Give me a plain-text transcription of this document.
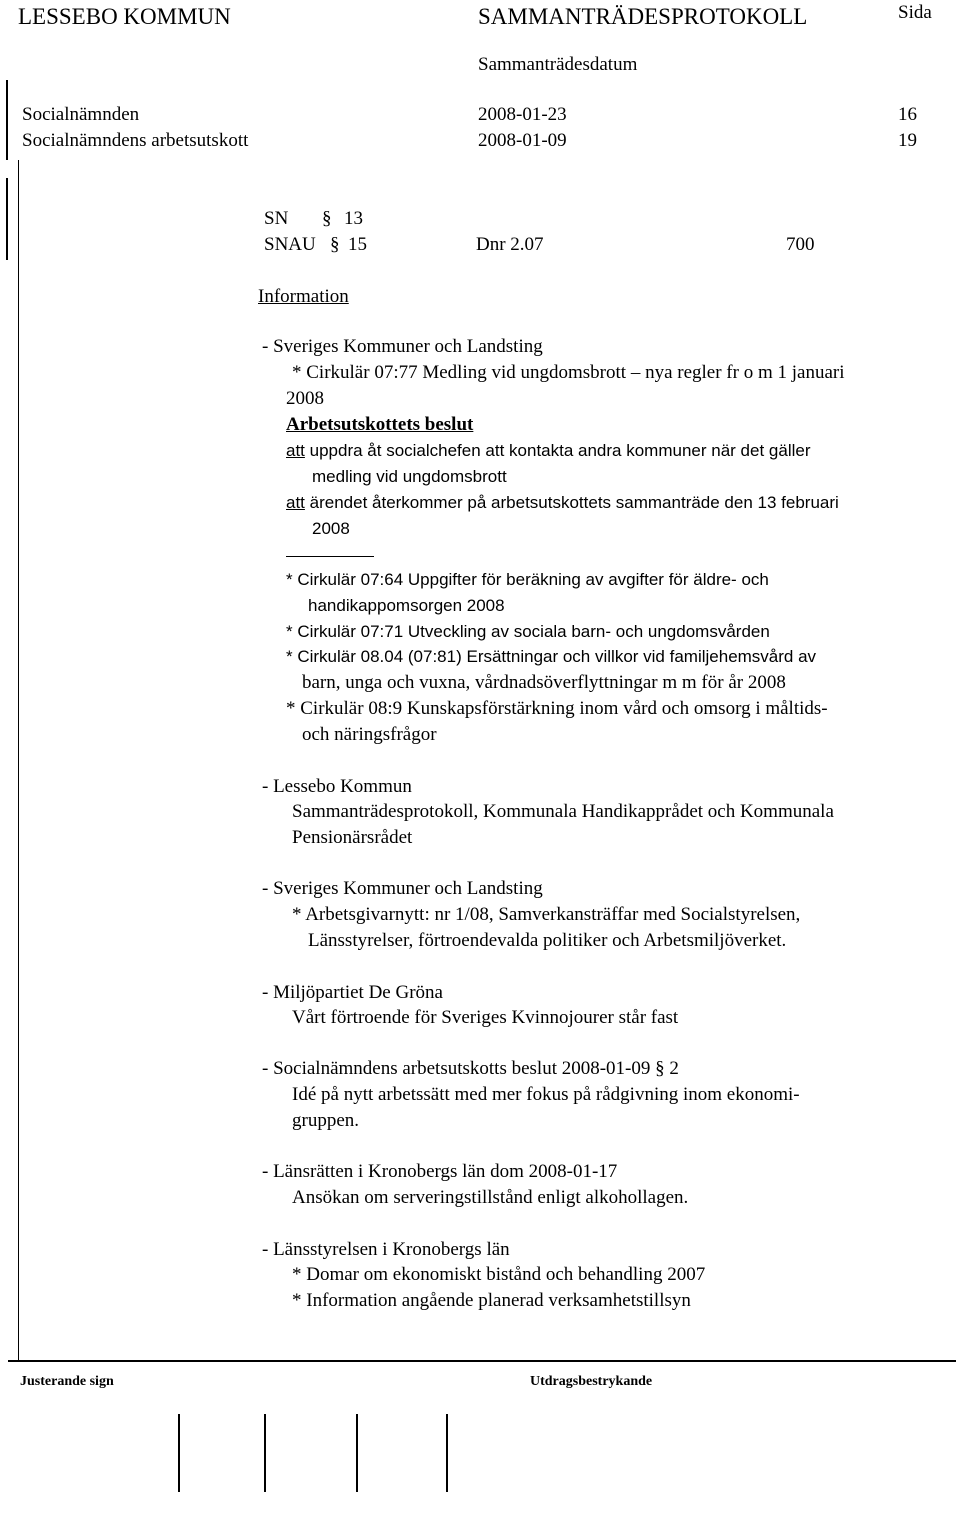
LESSEBO KOMMUN	SAMMANTRÄDESPROTOKOLL	Sida
Sammanträdesdatum
Socialnämnden	2008-01-23	16
Socialnämndens arbetsutskott	2008-01-09	19
SN § 13
SNAU § 15	Dnr 2.07	700
Information
- Sveriges Kommuner och Landsting
* Cirkulär 07:77 Medling vid ungdomsbrott – nya regler fr o m 1 januari
2008
Arbetsutskottets beslut
att uppdra åt socialchefen att kontakta andra kommuner när det gäller
medling vid ungdomsbrott
att ärendet återkommer på arbetsutskottets sammanträde den 13 februari
2008
* Cirkulär 07:64 Uppgifter för beräkning av avgifter för äldre- och
handikappomsorgen 2008
* Cirkulär 07:71 Utveckling av sociala barn- och ungdomsvården
* Cirkulär 08.04 (07:81) Ersättningar och villkor vid familjehemsvård av
barn, unga och vuxna, vårdnadsöverflyttningar m m för år 2008
* Cirkulär 08:9 Kunskapsförstärkning inom vård och omsorg i måltids-
och näringsfrågor
- Lessebo Kommun
Sammanträdesprotokoll, Kommunala Handikapprådet och Kommunala
Pensionärsrådet
- Sveriges Kommuner och Landsting
* Arbetsgivarnytt: nr 1/08, Samverkansträffar med Socialstyrelsen,
Länsstyrelser, förtroendevalda politiker och Arbetsmiljöverket.
- Miljöpartiet De Gröna
Vårt förtroende för Sveriges Kvinnojourer står fast
- Socialnämndens arbetsutskotts beslut 2008-01-09 § 2
Idé på nytt arbetssätt med mer fokus på rådgivning inom ekonomi-
gruppen.
- Länsrätten i Kronobergs län dom 2008-01-17
Ansökan om serveringstillstånd enligt alkohollagen.
- Länsstyrelsen i Kronobergs län
* Domar om ekonomiskt bistånd och behandling 2007
* Information angående planerad verksamhetstillsyn
Justerande sign	Utdragsbestrykande
